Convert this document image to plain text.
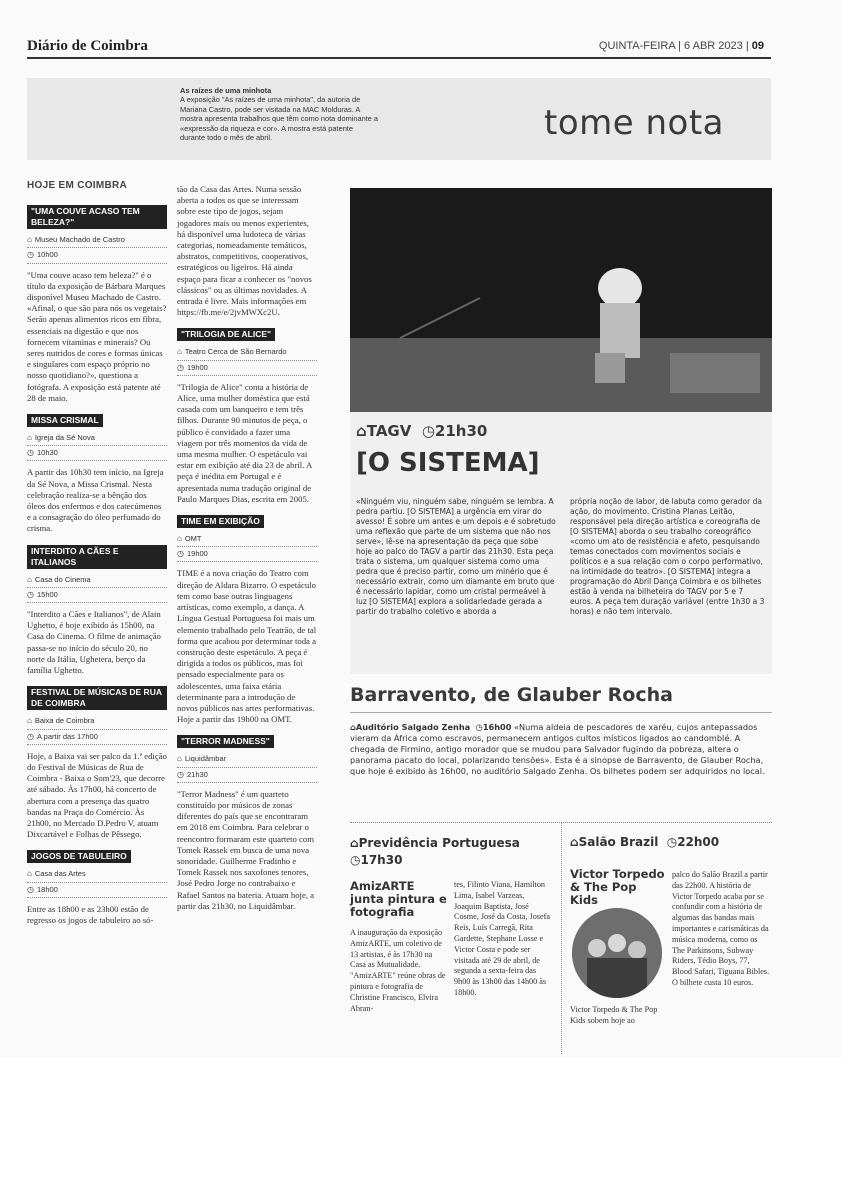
Diário de Coimbra	QUINTA-FEIRA | 6 ABR 2023 | 09
As raízes de uma minhota
A exposição "As raízes de uma minhota", da autoria de Mariana Castro, pode ser visitada na MAC Molduras. A mostra apresenta trabalhos que têm como nota dominante a «expressão da riqueza e cor». A mostra está patente durante todo o mês de abril.	tome nota
HOJE EM COIMBRA
"UMA COUVE ACASO TEM BELEZA?"
⌂ Museu Machado de Castro
◷ 10h00

"Uma couve acaso tem beleza?" é o título da exposição de Bárbara Marques disponível Museu Machado de Castro. «Afinal, o que são para nós os vegetais? Serão apenas alimentos ricos em fibra, essenciais na digestão e que nos fornecem vitaminas e minerais? Ou seres nutridos de cores e formas únicas e singulares com espaço próprio no nosso quotidiano?», questiona a fotógrafa. A exposição está patente até 28 de maio.

MISSA CRISMAL
⌂ Igreja da Sé Nova
◷ 10h30

A partir das 10h30 tem início, na Igreja da Sé Nova, a Missa Crismal. Nesta celebração realiza-se a bênção dos óleos dos enfermos e dos catecúmenos e a consagração do óleo perfumado do crisma.

INTERDITO A CÃES E ITALIANOS
⌂ Casa do Cinema
◷ 15h00

"Interdito a Cães e Italianos", de Alain Ughetto, é hoje exibido às 15h00, na Casa do Cinema. O filme de animação passa-se no início do século 20, no norte da Itália, Ughetera, berço da família Ughetto.

FESTIVAL DE MÚSICAS DE RUA DE COIMBRA
⌂ Baixa de Coimbra
◷ A partir das 17h00

Hoje, a Baixa vai ser palco da 1.ª edição do Festival de Músicas de Rua de Coimbra - Baixa o Som'23, que decorre até sábado. Às 17h00, há concerto de abertura com a presença das quatro bandas na Praça do Comércio. Às 21h00, no Mercado D.Pedro V, atuam Dixcartável e Folhas de Pêssego.

JOGOS DE TABULEIRO
⌂ Casa das Artes
◷ 18h00

Entre as 18h00 e as 23h00 estão de regresso os jogos de tabuleiro ao só-

tão da Casa das Artes. Numa sessão aberta a todos os que se interessam sobre este tipo de jogos, sejam jogadores mais ou menos experientes, há disponível uma ludoteca de várias categorias, nomeadamente temáticos, abstratos, competitivos, cooperativos, estratégicos ou ligeiros. Há ainda espaço para ficar a conhecer os "novos clássicos" ou as últimas novidades. A entrada é livre. Mais informações em https://fb.me/e/2jvMWXc2U.

"TRILOGIA DE ALICE"
⌂ Teatro Cerca de São Bernardo
◷ 19h00

"Trilogia de Alice" conta a história de Alice, uma mulher doméstica que está casada com um banqueiro e tem três filhos. Durante 90 minutos de peça, o público é convidado a fazer uma viagem por três momentos da vida de uma mesma mulher. O espetáculo vai estar em exibição até dia 23 de abril. A peça é inédita em Portugal e é apresentada numa tradução original de Paulo Marques Dias, escrita em 2005.

TIME EM EXIBIÇÃO
⌂ OMT
◷ 19h00

TIME é a nova criação do Teatro com direção de Aldara Bizarro. O espetáculo tem como base outras linguagens artísticas, como exemplo, a dança. A Língua Gestual Portuguesa foi mais um elemento trabalhado pelo Teatrão, de tal forma que acabou por determinar toda a construção deste espetáculo. A peça é dirigida a todos os públicos, mas foi pensado especialmente para os adolescentes, uma faixa etária determinante para a introdução de novos públicos nas artes performativas. Hoje a partir das 19h00 na OMT.

"TERROR MADNESS"
⌂ Liquidâmbar
◷ 21h30

"Terror Madness" é um quarteto constituído por músicos de zonas diferentes do país que se encontraram em 2018 em Coimbra. Para celebrar o reencontro formaram este quarteto com Tomek Rassek em busca de uma nova sonoridade. Guilherme Fradinho e Tomek Rassek nos saxofones tenores, José Pedro Jorge no contrabaixo e Rafael Santos na bateria. Atuam hoje, a partir das 21h30, no Liquidâmbar.

⌂TAGV  ◷21h30
[O SISTEMA]
«Ninguém viu, ninguém sabe, ninguém se lembra. A pedra partiu. [O SISTEMA] a urgência em virar do avesso! É sobre um antes e um depois e é sobretudo uma reflexão que parte de um sistema que não nos serve», lê-se na apresentação da peça que sobe hoje ao palco do TAGV a partir das 21h30. Esta peça trata o sistema, um qualquer sistema como uma pedra que é preciso partir, como um minério que é necessário extrair, como um diamante em bruto que é necessário lapidar, como um cristal permeável à luz [O SISTEMA] explora a solidariedade gerada a partir do trabalho coletivo e aborda a
própria noção de labor, de labuta como gerador da ação, do movimento. Cristina Planas Leitão, responsável pela direção artística e coreografia de [O SISTEMA] aborda o seu trabalho coreográfico «como um ato de resistência e afeto, pesquisando temas conectados com movimentos sociais e políticos e a sua relação com o corpo performativo, na intimidade do teatro». [O SISTEMA] integra a programação do Abril Dança Coimbra e os bilhetes estão à venda na bilheteira do TAGV por 5 e 7 euros. A peça tem duração variável (entre 1h30 a 3 horas) e não tem intervalo.
Barravento, de Glauber Rocha
⌂Auditório Salgado Zenha  ◷16h00 «Numa aldeia de pescadores de xaréu, cujos antepassados vieram da África como escravos, permanecem antigos cultos místicos ligados ao candomblé. A chegada de Firmino, antigo morador que se mudou para Salvador fugindo da pobreza, altera o panorama pacato do local, polarizando tensões». Esta é a sinopse de Barravento, de Glauber Rocha, que hoje é exibido às 16h00, no auditório Salgado Zenha. Os bilhetes podem ser adquiridos no local.
⌂Previdência Portuguesa
◷17h30
AmizARTE junta pintura e fotografia
A inauguração da exposição AmizARTE, um coletivo de 13 artistas, é às 17h30 na Casa as Mutualidade. "AmizARTE" reúne obras de pintura e fotografia de Christine Francisco, Elvira Abran-
tes, Filinto Viana, Hamilton Lima, Isabel Varzeas, Joaquim Baptista, José Cosme, José da Costa, Josefa Reis, Luís Carregã, Rita Gardette, Stephane Losse e Victor Costa e pode ser visitada até 29 de abril, de segunda a sexta-feira das 9h00 às 13h00 das 14h00 às 18h00.
⌂Salão Brazil  ◷22h00
Victor Torpedo & The Pop Kids
Victor Torpedo & The Pop Kids sobem hoje ao
palco do Salão Brazil a partir das 22h00. A história de Victor Torpedo acaba por se confundir com a história de algumas das bandas mais importantes e carismáticas da música moderna, como os The Parkinsons, Subway Riders, Tédio Boys, 77, Blood Safari, Tiguana Bibles. O bilhete custa 10 euros.
